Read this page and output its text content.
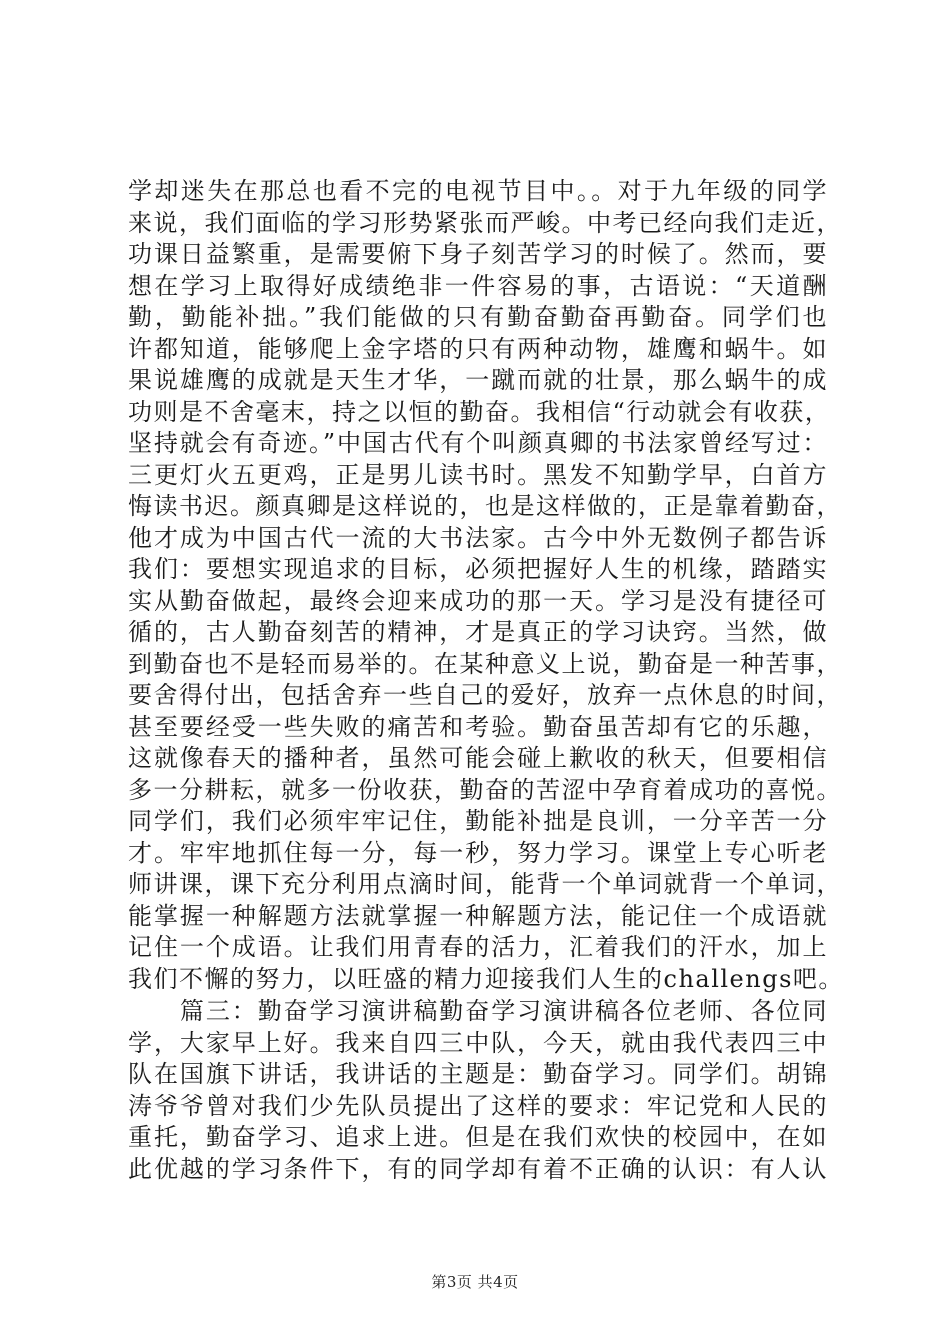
学却迷失在那总也看不完的电视节目中。。对于九年级的同学
来说，我们面临的学习形势紧张而严峻。中考已经向我们走近，
功课日益繁重，是需要俯下身子刻苦学习的时候了。然而，要
想在学习上取得好成绩绝非一件容易的事，古语说：“天道酬
勤，勤能补拙。”我们能做的只有勤奋勤奋再勤奋。同学们也
许都知道，能够爬上金字塔的只有两种动物，雄鹰和蜗牛。如
果说雄鹰的成就是天生才华，一蹴而就的壮景，那么蜗牛的成
功则是不舍毫末，持之以恒的勤奋。我相信“行动就会有收获，
坚持就会有奇迹。”中国古代有个叫颜真卿的书法家曾经写过：
三更灯火五更鸡，正是男儿读书时。黑发不知勤学早，白首方
悔读书迟。颜真卿是这样说的，也是这样做的，正是靠着勤奋，
他才成为中国古代一流的大书法家。古今中外无数例子都告诉
我们：要想实现追求的目标，必须把握好人生的机缘，踏踏实
实从勤奋做起，最终会迎来成功的那一天。学习是没有捷径可
循的，古人勤奋刻苦的精神，才是真正的学习诀窍。当然，做
到勤奋也不是轻而易举的。在某种意义上说，勤奋是一种苦事，
要舍得付出，包括舍弃一些自己的爱好，放弃一点休息的时间，
甚至要经受一些失败的痛苦和考验。勤奋虽苦却有它的乐趣，
这就像春天的播种者，虽然可能会碰上歉收的秋天，但要相信
多一分耕耘，就多一份收获，勤奋的苦涩中孕育着成功的喜悦。
同学们，我们必须牢牢记住，勤能补拙是良训，一分辛苦一分
才。牢牢地抓住每一分，每一秒，努力学习。课堂上专心听老
师讲课，课下充分利用点滴时间，能背一个单词就背一个单词，
能掌握一种解题方法就掌握一种解题方法，能记住一个成语就
记住一个成语。让我们用青春的活力，汇着我们的汗水，加上
我们不懈的努力，以旺盛的精力迎接我们人生的challengs吧。
　　篇三：勤奋学习演讲稿勤奋学习演讲稿各位老师、各位同
学，大家早上好。我来自四三中队，今天，就由我代表四三中
队在国旗下讲话，我讲话的主题是：勤奋学习。同学们。胡锦
涛爷爷曾对我们少先队员提出了这样的要求：牢记党和人民的
重托，勤奋学习、追求上进。但是在我们欢快的校园中，在如
此优越的学习条件下，有的同学却有着不正确的认识：有人认
第3页 共4页
